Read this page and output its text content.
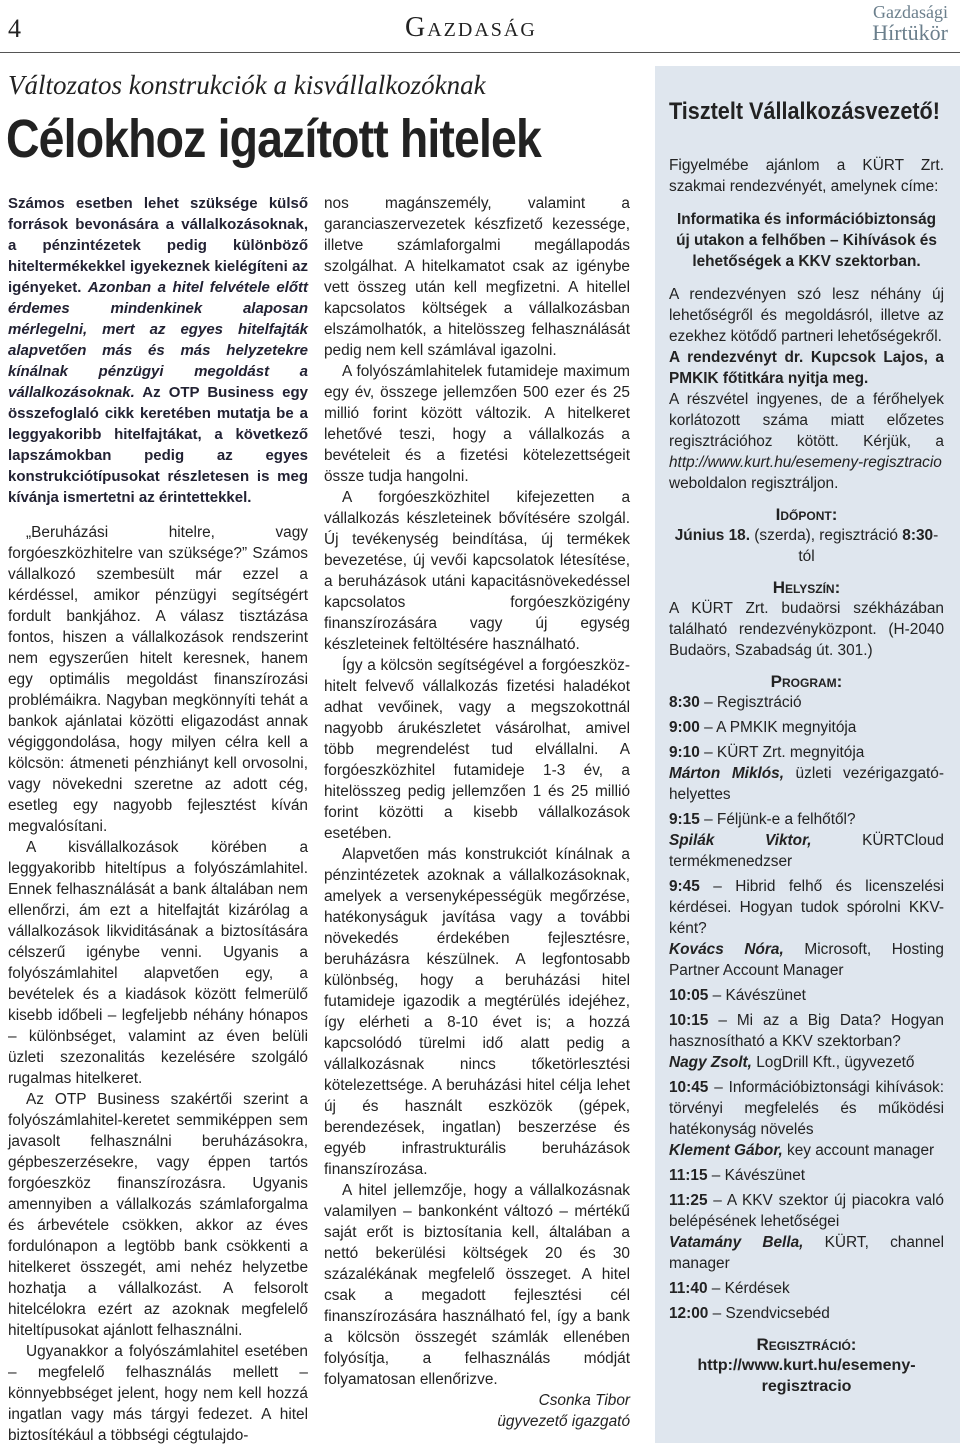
4	Gazdaság	Gazdasági
Hírtükör
Változatos konstrukciók a kisvállalkozóknak
Célokhoz igazított hitelek

Számos esetben lehet szüksége külső források bevonására a vállalkozásoknak, a pénzintézetek pedig különböző hiteltermékekkel igyekeznek kielégíteni az igényeket. Azonban a hitel felvétele előtt érdemes mindenkinek alaposan mérlegelni, mert az egyes hitelfajták alapvetően más és más helyzetekre kínálnak pénzügyi megoldást a vállalkozásoknak. Az OTP Business egy összefoglaló cikk keretében mutatja be a leggyakoribb hitelfajtákat, a következő lapszámokban pedig az egyes konstrukciótípusokat részletesen is meg kívánja ismertetni az érintettekkel.

„Beruházási hitelre, vagy forgóeszközhitelre van szüksége?” Számos vállalkozó szembesült már ezzel a kérdéssel, amikor pénzügyi segítségért fordult bankjához. A válasz tisztázása fontos, hiszen a vállalkozások rendszerint nem egyszerűen hitelt keresnek, hanem egy optimális megoldást finanszírozási problémáikra. Nagyban megkönnyíti tehát a bankok ajánlatai közötti eligazodást annak végiggondolása, hogy milyen célra kell a kölcsön: átmeneti pénzhiányt kell orvosolni, vagy növekedni szeretne az adott cég, esetleg egy nagyobb fejlesztést kíván megvalósítani.

A kisvállalkozások körében a leggyakoribb hiteltípus a folyószámlahitel. Ennek felhasználását a bank általában nem ellenőrzi, ám ezt a hitelfajtát kizárólag a vállalkozások likviditásának a biztosítására célszerű igénybe venni. Ugyanis a folyószámlahitel alapvetően egy, a bevételek és a kiadások között felmerülő kisebb időbeli – legfeljebb néhány hónapos – különbséget, valamint az éven belüli üzleti szezonalitás kezelésére szolgáló rugalmas hitelkeret.

Az OTP Business szakértői szerint a folyószámlahitel-keretet semmiképpen sem javasolt felhasználni beruházásokra, gépbeszerzésekre, vagy éppen tartós forgóeszköz finanszírozásra. Ugyanis amennyiben a vállalkozás számlaforgalma és árbevétele csökken, akkor az éves fordulónapon a legtöbb bank csökkenti a hitelkeret összegét, ami nehéz helyzetbe hozhatja a vállalkozást. A felsorolt hitelcélokra ezért az azoknak megfelelő hiteltípusokat ajánlott felhasználni.

Ugyanakkor a folyószámlahitel esetében – megfelelő felhasználás mellett – könnyebbséget jelent, hogy nem kell hozzá ingatlan vagy más tárgyi fedezet. A hitel biztosítékául a többségi cégtulajdo-

nos magánszemély, valamint a garanciaszervezetek készfizető kezessége, illetve számlaforgalmi megállapodás szolgálhat. A hitelkamatot csak az igénybe vett összeg után kell megfizetni. A hitellel kapcsolatos költségek a vállalkozásban elszámolhatók, a hitelösszeg felhasználását pedig nem kell számlával igazolni.

A folyószámlahitelek futamideje maximum egy év, összege jellemzően 500 ezer és 25 millió forint között változik. A hitelkeret lehetővé teszi, hogy a vállalkozás a bevételeit és a fizetési kötelezettségeit össze tudja hangolni.

A forgóeszközhitel kifejezetten a vállalkozás készleteinek bővítésére szolgál. Új tevékenység beindítása, új termékek bevezetése, új vevői kapcsolatok létesítése, a beruházások utáni kapacitásnövekedéssel kapcsolatos forgóeszközigény finanszírozására vagy új egység készleteinek feltöltésére használható.

Így a kölcsön segítségével a forgóeszköz-hitelt felvevő vállalkozás fizetési haladékot adhat vevőinek, vagy a megszokottnál nagyobb árukészletet vásárolhat, amivel több megrendelést tud elvállalni. A forgóeszközhitel futamideje 1-3 év, a hitelösszeg pedig jellemzően 1 és 25 millió forint közötti a kisebb vállalkozások esetében.

Alapvetően más konstrukciót kínálnak a pénzintézetek azoknak a vállalkozásoknak, amelyek a versenyképességük megőrzése, hatékonyságuk javítása vagy a további növekedés érdekében fejlesztésre, beruházásra készülnek. A legfontosabb különbség, hogy a beruházási hitel futamideje igazodik a megtérülés idejéhez, így elérheti a 8-10 évet is; a hozzá kapcsolódó türelmi idő alatt pedig a vállalkozásnak nincs tőketörlesztési kötelezettsége. A beruházási hitel célja lehet új és használt eszközök (gépek, berendezések, ingatlan) beszerzése és egyéb infrastrukturális beruházások finanszírozása.

A hitel jellemzője, hogy a vállalkozásnak valamilyen – bankonként változó – mértékű saját erőt is biztosítania kell, általában a nettó bekerülési költségek 20 és 30 százalékának megfelelő összeget. A hitel csak a megadott fejlesztési cél finanszírozására használható fel, így a bank a kölcsön összegét számlák ellenében folyósítja, a felhasználás módját folyamatosan ellenőrizve.

Csonka Tibor

ügyvezető igazgató

Tisztelt Vállalkozásvezető!

Figyelmébe ajánlom a KÜRT Zrt. szakmai rendezvényét, amelynek címe:

Informatika és információbiztonság új utakon a felhőben – Kihívások és lehetőségek a KKV szektorban.

A rendezvényen szó lesz néhány új lehetőségről és megoldásról, illetve az ezekhez kötődő partneri lehetőségekről.

A rendezvényt dr. Kupcsok Lajos, a PMKIK főtitkára nyitja meg.

A részvétel ingyenes, de a férőhelyek korlátozott száma miatt előzetes regisztrációhoz kötött. Kérjük, a http://www.kurt.hu/esemeny-regisztracio weboldalon regisztráljon.

Időpont:

Június 18. (szerda), regisztráció 8:30-tól

Helyszín:

A KÜRT Zrt. budaörsi székházában található rendezvényközpont. (H-2040 Budaörs, Szabadság út. 301.)

Program:

8:30 – Regisztráció

9:00 – A PMKIK megnyitója

9:10 – KÜRT Zrt. megnyitója
Márton Miklós, üzleti vezérigazgató-helyettes

9:15 – Féljünk-e a felhőtől?
Spilák Viktor, KÜRTCloud termékmenedzser

9:45 – Hibrid felhő és licenszelési kérdései. Hogyan tudok spórolni KKV-ként?
Kovács Nóra, Microsoft, Hosting Partner Account Manager

10:05 – Kávészünet

10:15 – Mi az a Big Data? Hogyan hasznosítható a KKV szektorban?
Nagy Zsolt, LogDrill Kft., ügyvezető

10:45 – Információbiztonsági kihívások: törvényi megfelelés és működési hatékonyság növelés
Klement Gábor, key account manager

11:15 – Kávészünet

11:25 – A KKV szektor új piacokra való belépésének lehetőségei
Vatamány Bella, KÜRT, channel manager

11:40 – Kérdések

12:00 – Szendvicsebéd

Regisztráció:

http://www.kurt.hu/esemeny-regisztracio
